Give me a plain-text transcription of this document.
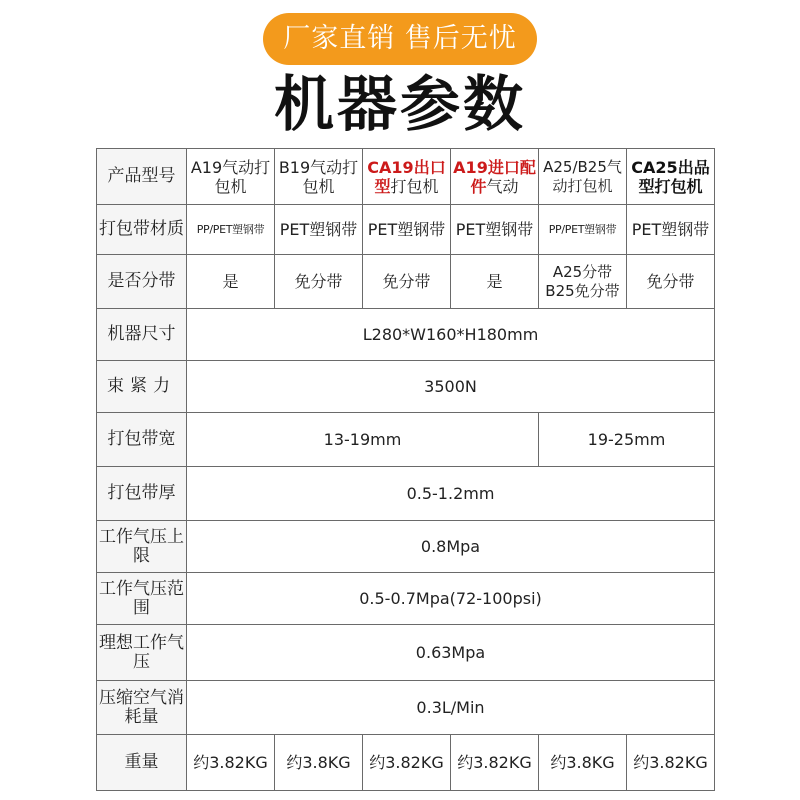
厂家直销 售后无忧
机器参数
产品型号	A19气动打包机	B19气动打包机	CA19出口型打包机	A19进口配件气动	A25/B25气动打包机	CA25出品型打包机
打包带材质	PP/PET塑钢带	PET塑钢带	PET塑钢带	PET塑钢带	PP/PET塑钢带	PET塑钢带
是否分带	是	免分带	免分带	是	A25分带B25免分带	免分带
机器尺寸	L280*W160*H180mm					
束紧力	3500N					
打包带宽	13-19mm				19-25mm	
打包带厚	0.5-1.2mm					
工作气压上限	0.8Mpa					
工作气压范围	0.5-0.7Mpa(72-100psi)					
理想工作气压	0.63Mpa					
压缩空气消耗量	0.3L/Min					
重量	约3.82KG	约3.8KG	约3.82KG	约3.82KG	约3.8KG	约3.82KG
